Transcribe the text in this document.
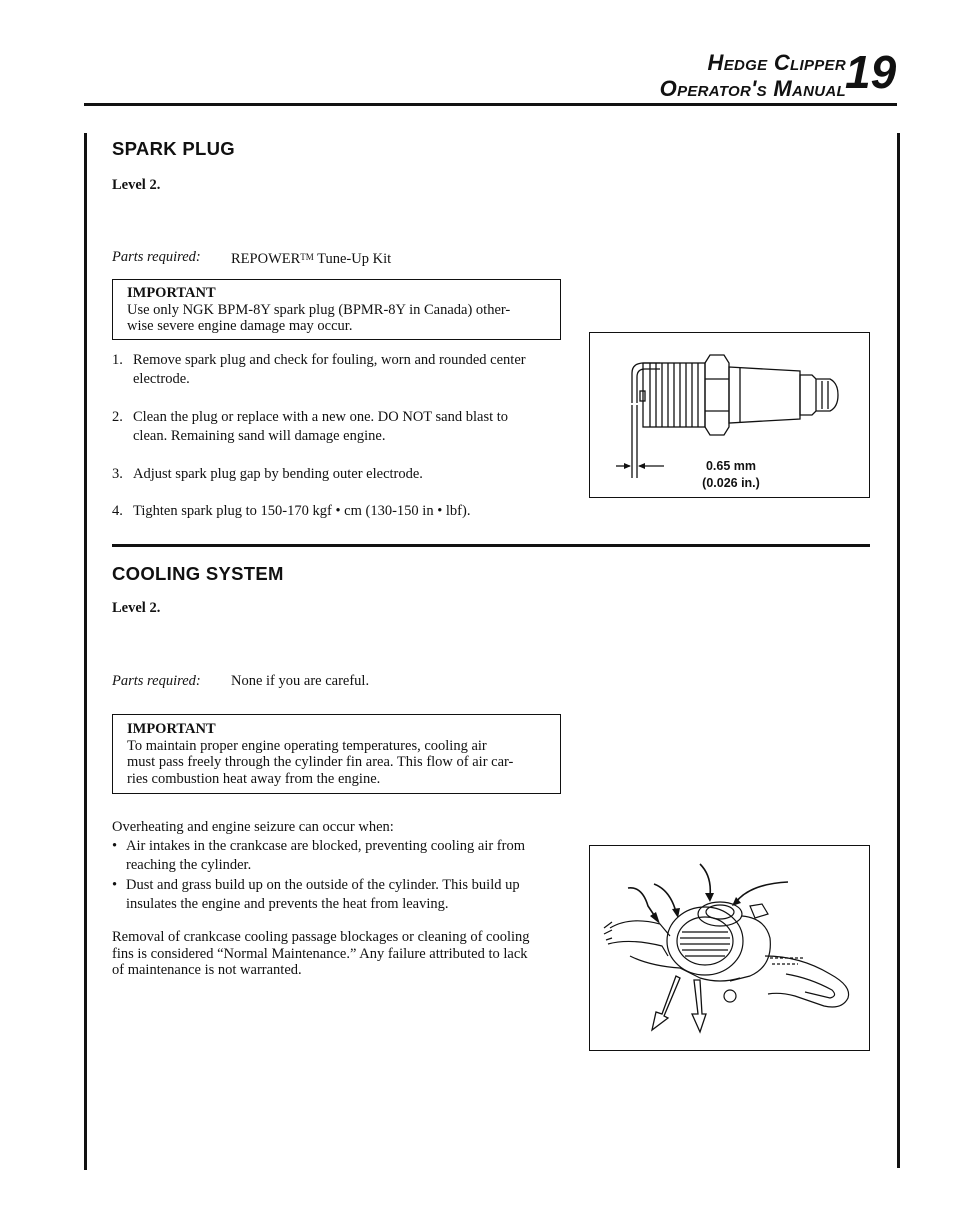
Hedge Clipper
Operator's Manual 19
SPARK PLUG
Level 2.
Parts required: REPOWER™ Tune-Up Kit
IMPORTANT
Use only NGK BPM-8Y spark plug (BPMR-8Y in Canada) other-
wise severe engine damage may occur.
1. Remove spark plug and check for fouling, worn and rounded center
electrode.
2. Clean the plug or replace with a new one. DO NOT sand blast to
clean. Remaining sand will damage engine.
3. Adjust spark plug gap by bending outer electrode.
4. Tighten spark plug to 150-170 kgf • cm (130-150 in • lbf).
0.65 mm
(0.026 in.)
COOLING SYSTEM
Level 2.
Parts required: None if you are careful.
IMPORTANT
To maintain proper engine operating temperatures, cooling air
must pass freely through the cylinder fin area. This flow of air car-
ries combustion heat away from the engine.
Overheating and engine seizure can occur when:
• Air intakes in the crankcase are blocked, preventing cooling air from
reaching the cylinder.
• Dust and grass build up on the outside of the cylinder. This build up
insulates the engine and prevents the heat from leaving.
Removal of crankcase cooling passage blockages or cleaning of cooling
fins is considered “Normal Maintenance.” Any failure attributed to lack
of maintenance is not warranted.
